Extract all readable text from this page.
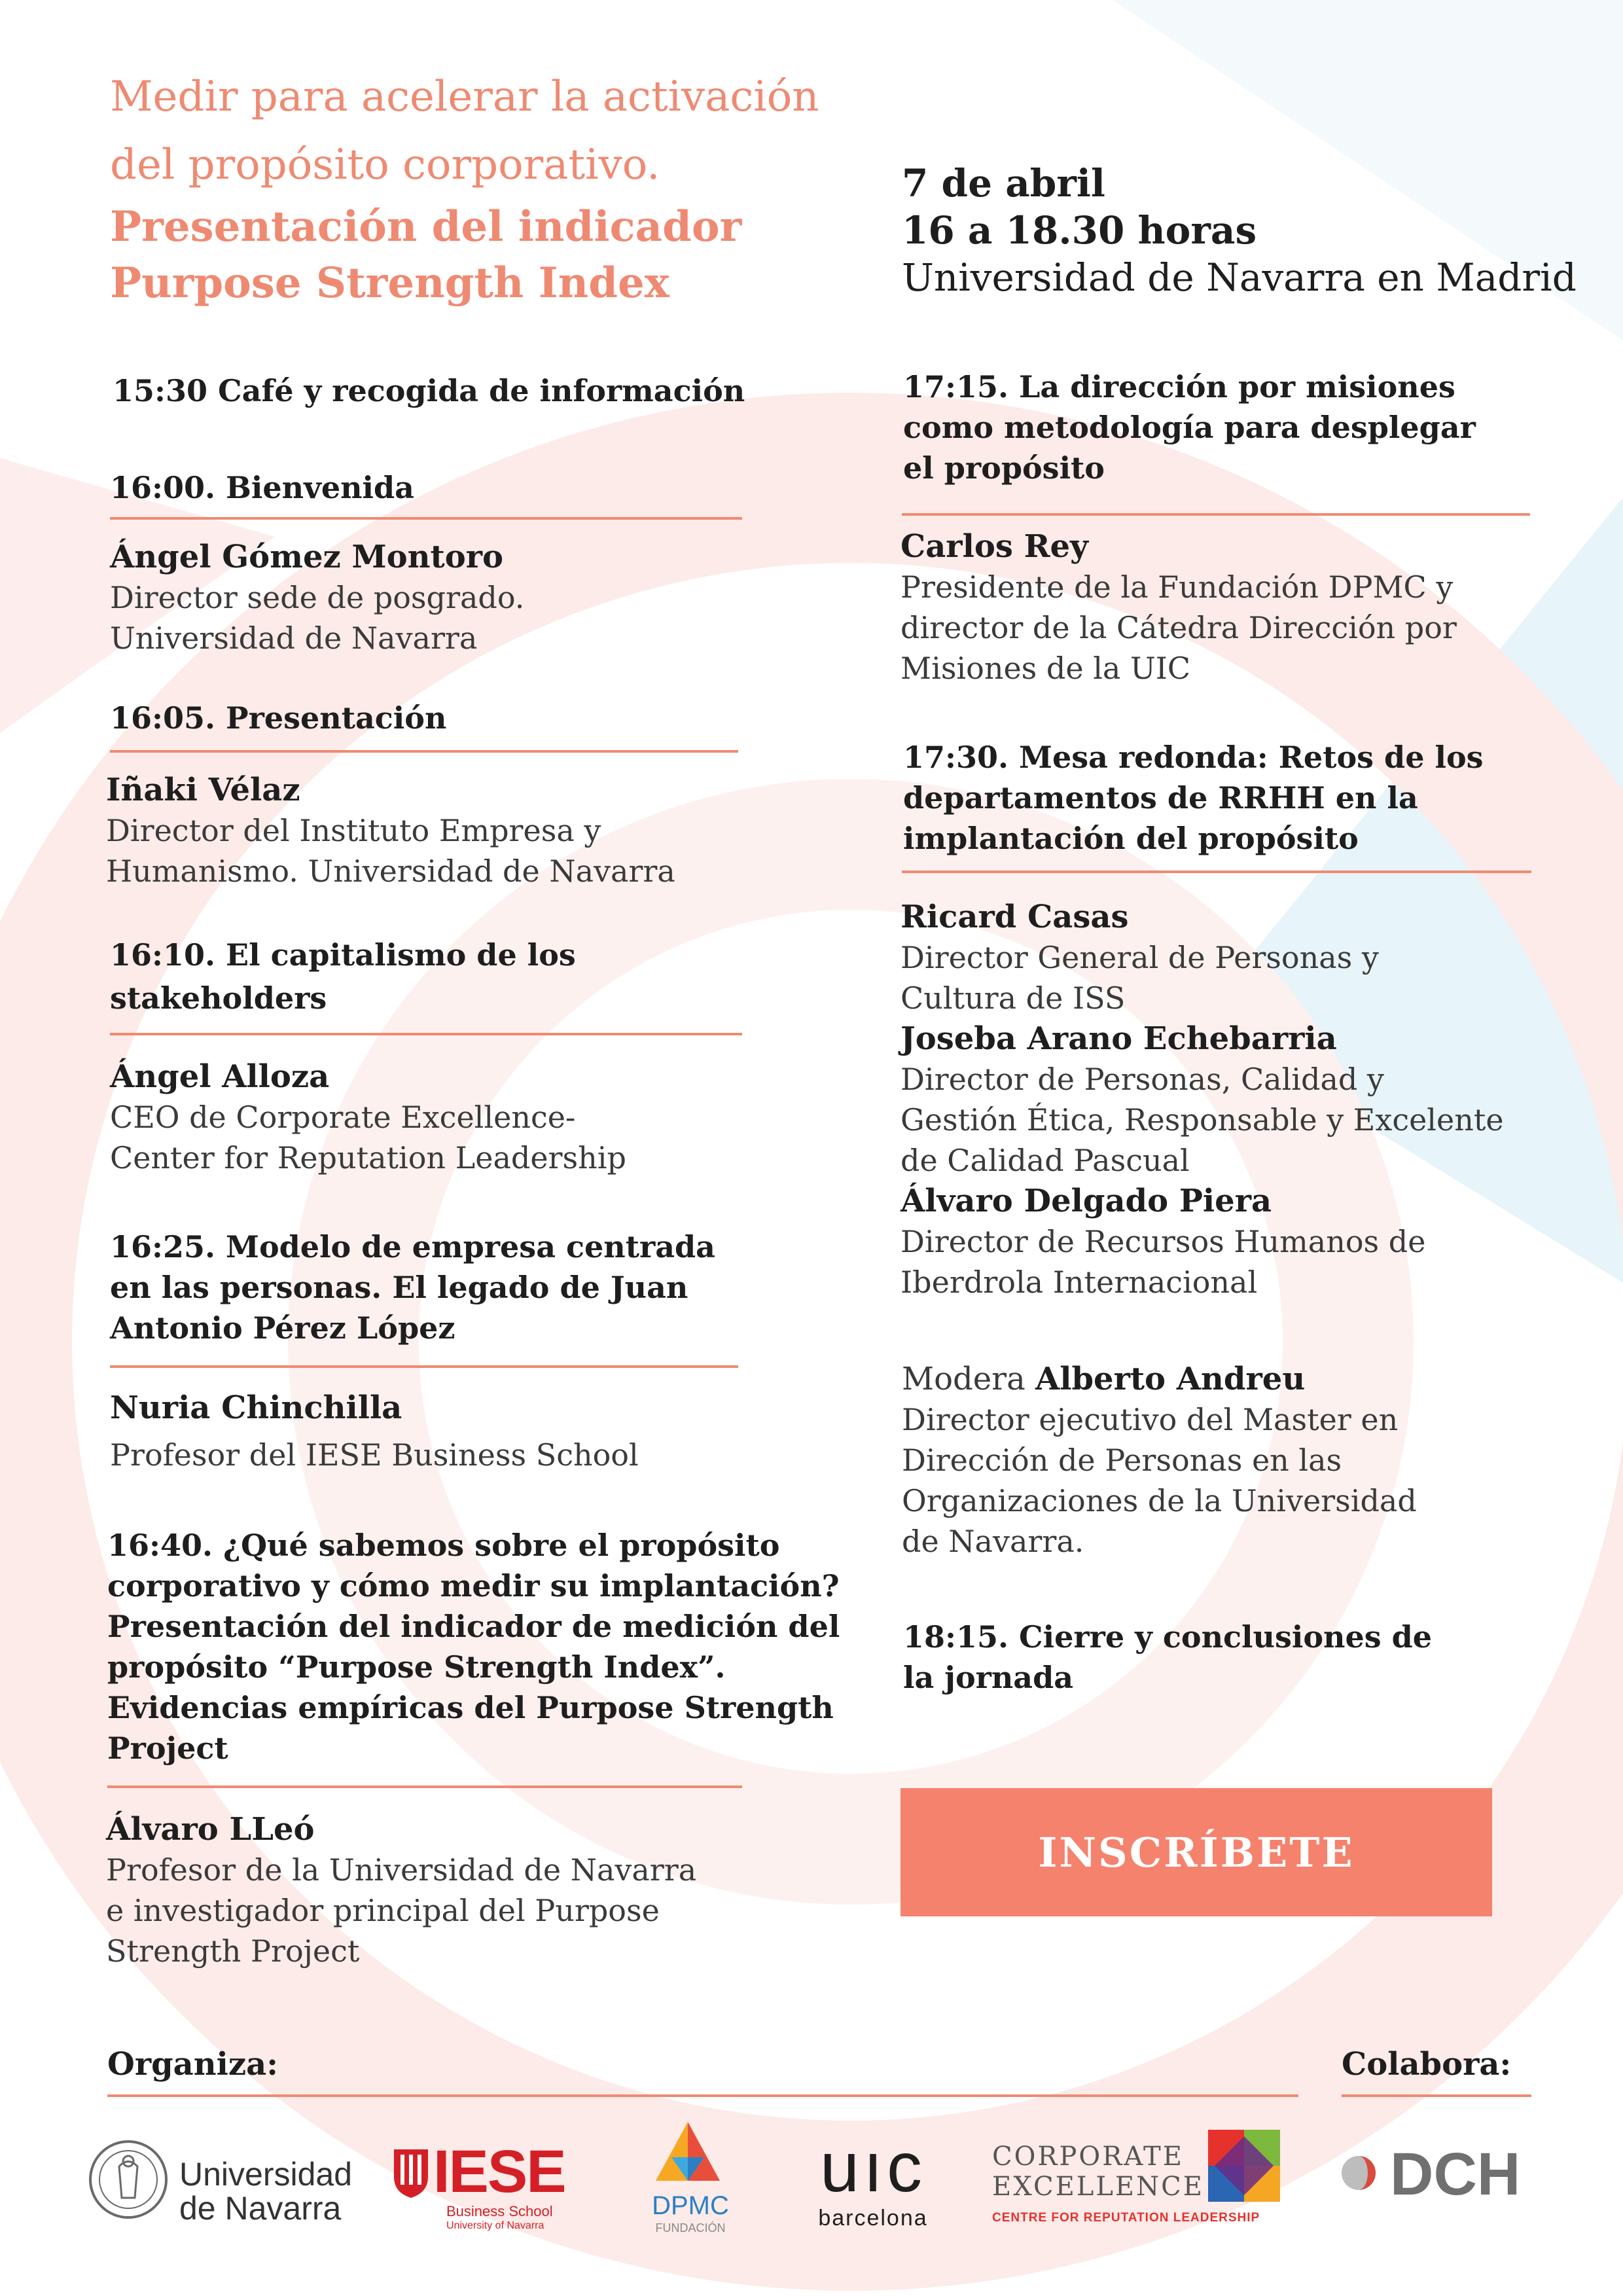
Medir para acelerar la activación

del propósito corporativo.

Presentación del indicador

Purpose Strength Index

7 de abril
16 a 18.30 horas
Universidad de Navarra en Madrid
15:30 Café y recogida de información
16:00. Bienvenida
Ángel Gómez Montoro
Director sede de posgrado.
Universidad de Navarra
16:05. Presentación
Iñaki Vélaz
Director del Instituto Empresa y
Humanismo. Universidad de Navarra
16:10. El capitalismo de los
stakeholders
Ángel Alloza
CEO de Corporate Excellence-
Center for Reputation Leadership
16:25. Modelo de empresa centrada
en las personas. El legado de Juan
Antonio Pérez López
Nuria Chinchilla
Profesor del IESE Business School
16:40. ¿Qué sabemos sobre el propósito
corporativo y cómo medir su implantación?
Presentación del indicador de medición del
propósito “Purpose Strength Index”.
Evidencias empíricas del Purpose Strength
Project
Álvaro LLeó
Profesor de la Universidad de Navarra
e investigador principal del Purpose
Strength Project
17:15. La dirección por misiones
como metodología para desplegar
el propósito
Carlos Rey
Presidente de la Fundación DPMC y
director de la Cátedra Dirección por
Misiones de la UIC
17:30. Mesa redonda: Retos de los
departamentos de RRHH en la
implantación del propósito
Ricard Casas
Director General de Personas y
Cultura de ISS
Joseba Arano Echebarria
Director de Personas, Calidad y
Gestión Ética, Responsable y Excelente
de Calidad Pascual
Álvaro Delgado Piera
Director de Recursos Humanos de
Iberdrola Internacional
Modera Alberto Andreu
Director ejecutivo del Master en
Dirección de Personas en las
Organizaciones de la Universidad
de Navarra.
18:15. Cierre y conclusiones de
la jornada
INSCRÍBETE
Organiza:	Colabora:
Universidad
de Navarra
IESE
Business School
University of Navarra
DPMC
FUNDACIÓN
uıc
barcelona
CORPORATE
EXCELLENCE
CENTRE FOR REPUTATION LEADERSHIP
DCH
